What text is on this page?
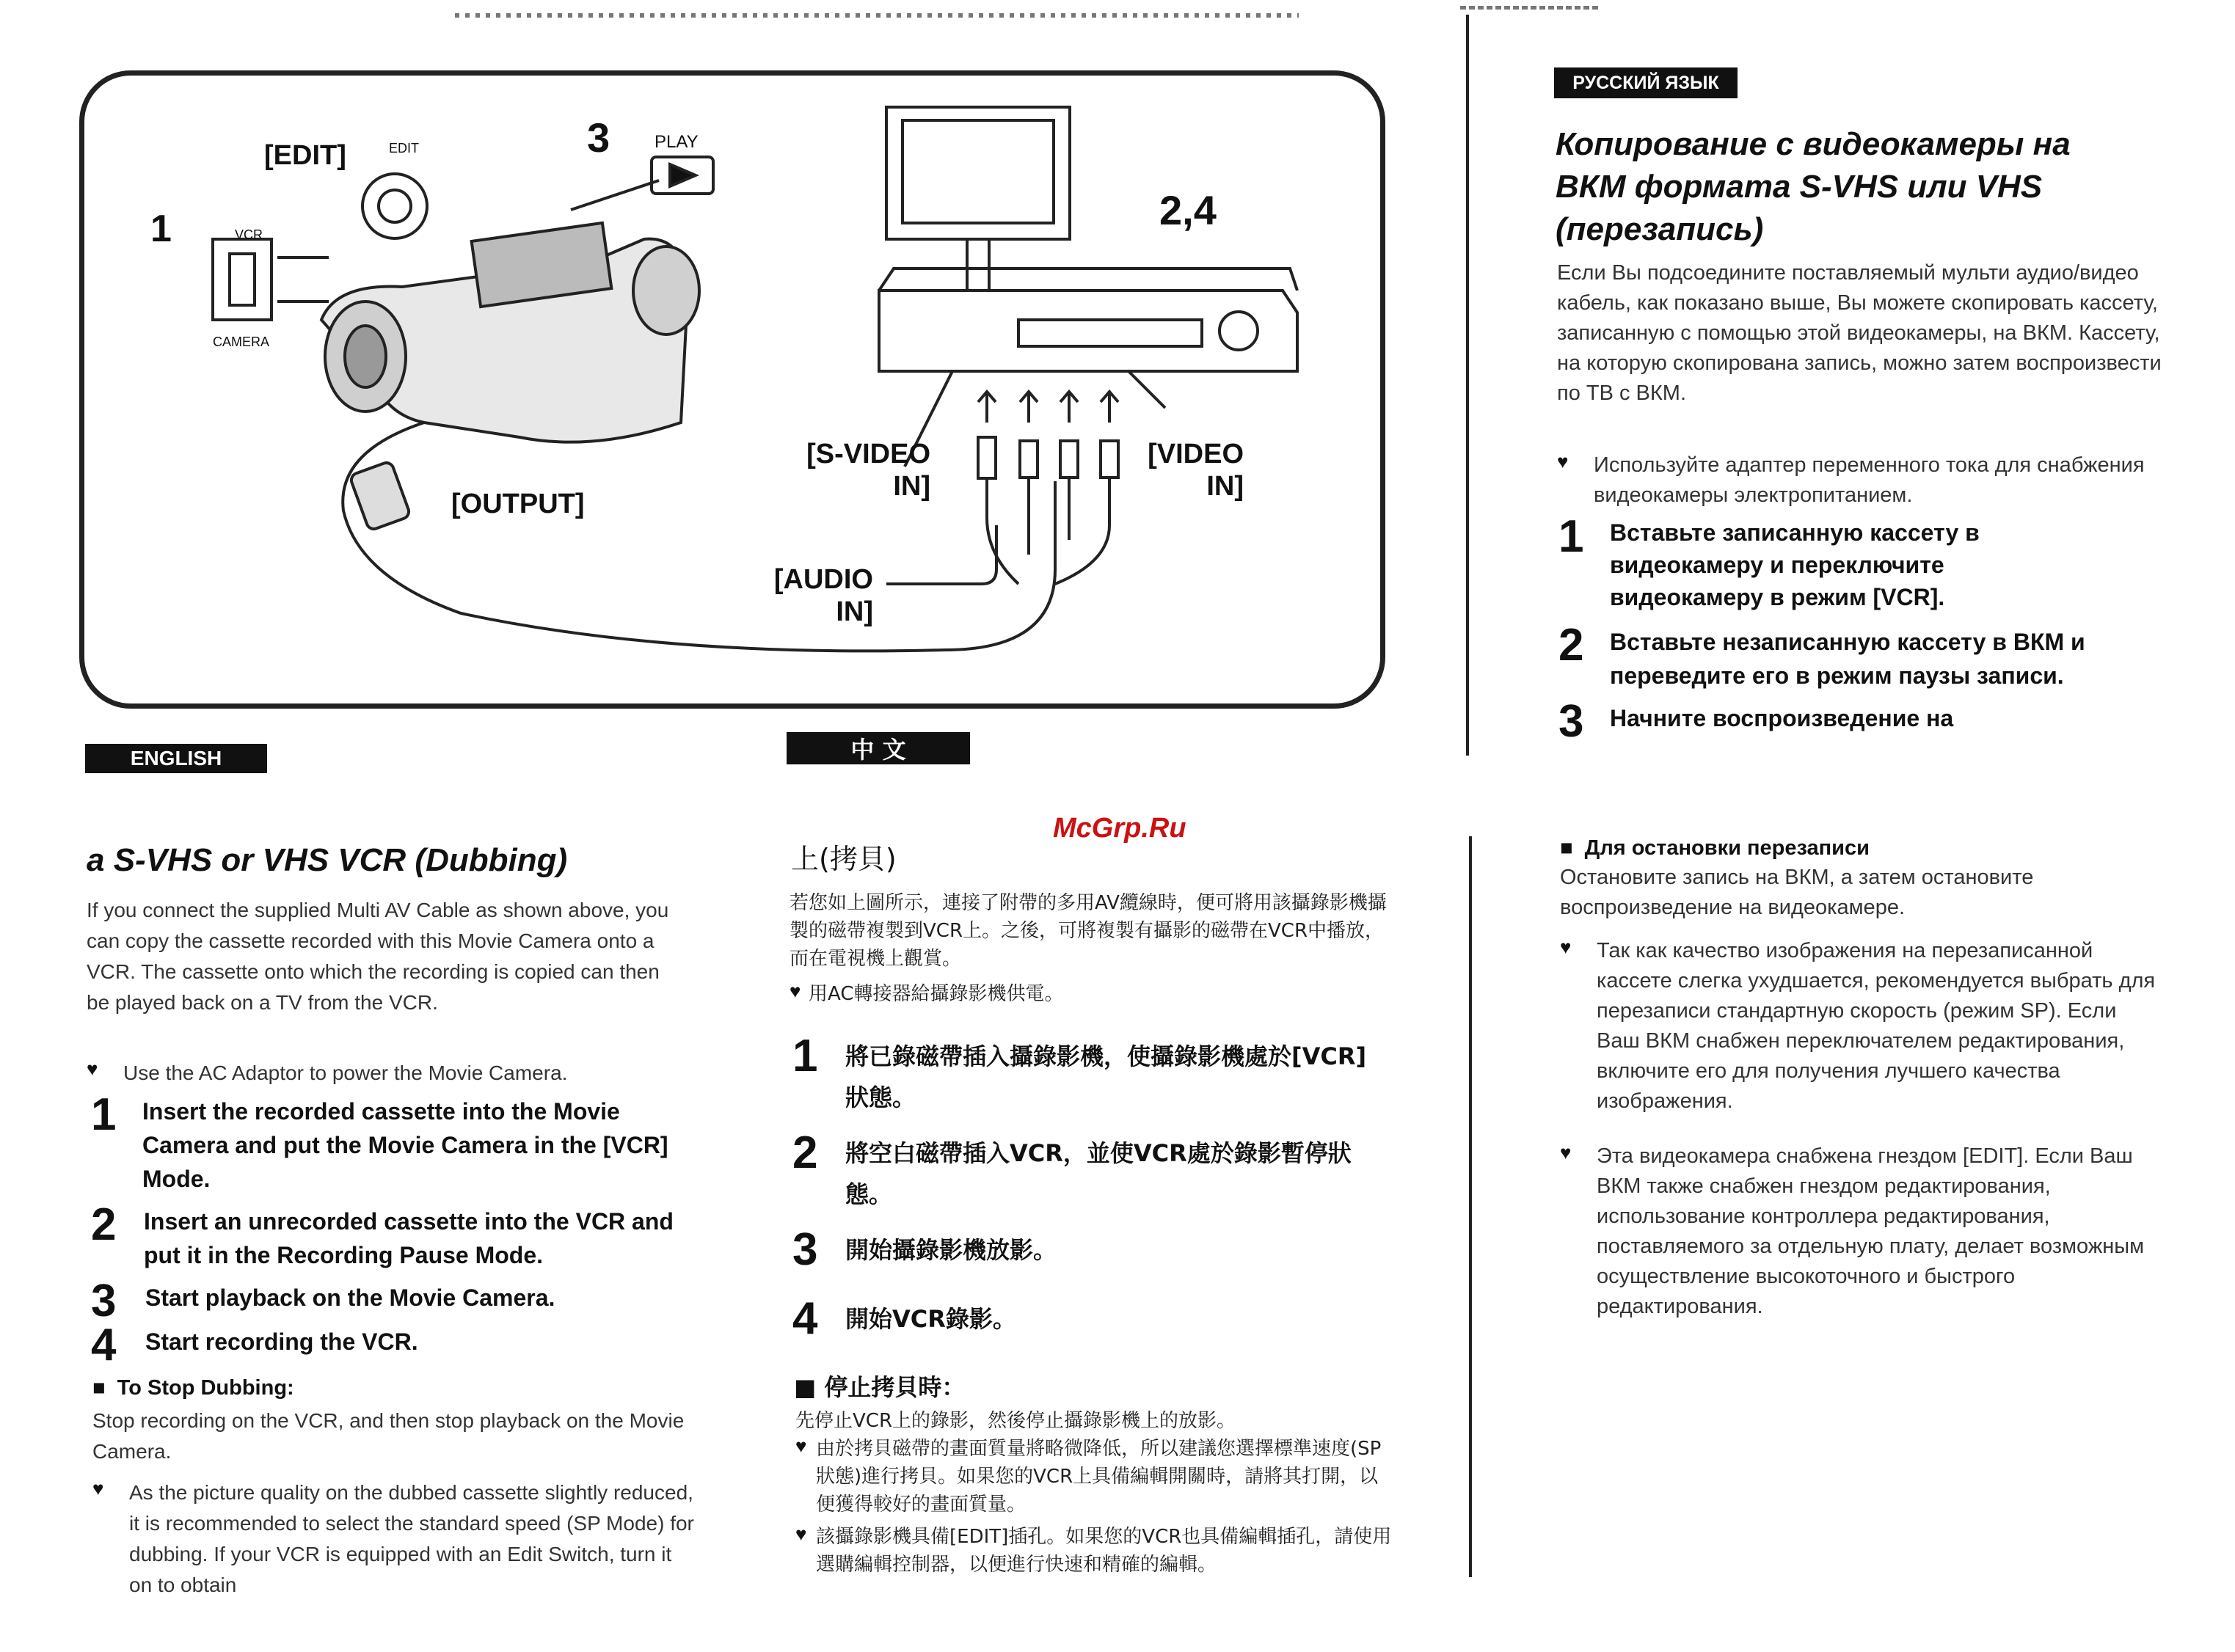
1
[EDIT]	EDIT	3	PLAY
2,4
VCR
CAMERA
[OUTPUT]
[S-VIDEO
IN]
[VIDEO
IN]
[AUDIO
IN]
McGrp.Ru
ENGLISH
a S-VHS or VHS VCR (Dubbing)
If you connect the supplied Multi AV Cable as shown above, you can copy the cassette recorded with this Movie Camera onto a VCR. The cassette onto which the recording is copied can then be played back on a TV from the VCR.
♥	Use the AC Adaptor to power the Movie Camera.
1	Insert the recorded cassette into the Movie Camera and put the Movie Camera in the [VCR] Mode.
2	Insert an unrecorded cassette into the VCR and put it in the Recording Pause Mode.
3	Start playback on the Movie Camera.
4	Start recording the VCR.
■ To Stop Dubbing:
Stop recording on the VCR, and then stop playback on the Movie Camera.
♥	As the picture quality on the dubbed cassette slightly reduced, it is recommended to select the standard speed (SP Mode) for dubbing. If your VCR is equipped with an Edit Switch, turn it on to obtain
中 文
上(拷貝)
若您如上圖所示，連接了附帶的多用AV纜線時，便可將用該攝錄影機攝製的磁帶複製到VCR上。之後，可將複製有攝影的磁帶在VCR中播放，而在電視機上觀賞。
♥ 用AC轉接器給攝錄影機供電。
1	將已錄磁帶插入攝錄影機，使攝錄影機處於[VCR]狀態。
2	將空白磁帶插入VCR，並使VCR處於錄影暫停狀態。
3	開始攝錄影機放影。
4	開始VCR錄影。
■ 停止拷貝時：
先停止VCR上的錄影，然後停止攝錄影機上的放影。
♥ 由於拷貝磁帶的畫面質量將略微降低，所以建議您選擇標準速度(SP狀態)進行拷貝。如果您的VCR上具備編輯開關時，請將其打開，以便獲得較好的畫面質量。
♥ 該攝錄影機具備[EDIT]插孔。如果您的VCR也具備編輯插孔，請使用選購編輯控制器，以便進行快速和精確的編輯。
РУССКИЙ ЯЗЫК
Копирование с видеокамеры на ВКМ формата S-VHS или VHS (перезапись)
Если Вы подсоедините поставляемый мульти аудио/видео кабель, как показано выше, Вы можете скопировать кассету, записанную с помощью этой видеокамеры, на ВКМ. Кассету, на которую скопирована запись, можно затем воспроизвести по ТВ с ВКМ.
♥	Используйте адаптер переменного тока для снабжения видеокамеры электропитанием.
1	Вставьте записанную кассету в видеокамеру и переключите видеокамеру в режим [VCR].
2	Вставьте незаписанную кассету в ВКМ и переведите его в режим паузы записи.
3	Начните воспроизведение на
■ Для остановки перезаписи
Остановите запись на ВКМ, а затем остановите воспроизведение на видеокамере.
♥	Так как качество изображения на перезаписанной кассете слегка ухудшается, рекомендуется выбрать для перезаписи стандартную скорость (режим SP). Если Ваш ВКМ снабжен переключателем редактирования, включите его для получения лучшего качества изображения.
♥	Эта видеокамера снабжена гнездом [EDIT]. Если Ваш ВКМ также снабжен гнездом редактирования, использование контроллера редактирования, поставляемого за отдельную плату, делает возможным осуществление высокоточного и быстрого редактирования.
